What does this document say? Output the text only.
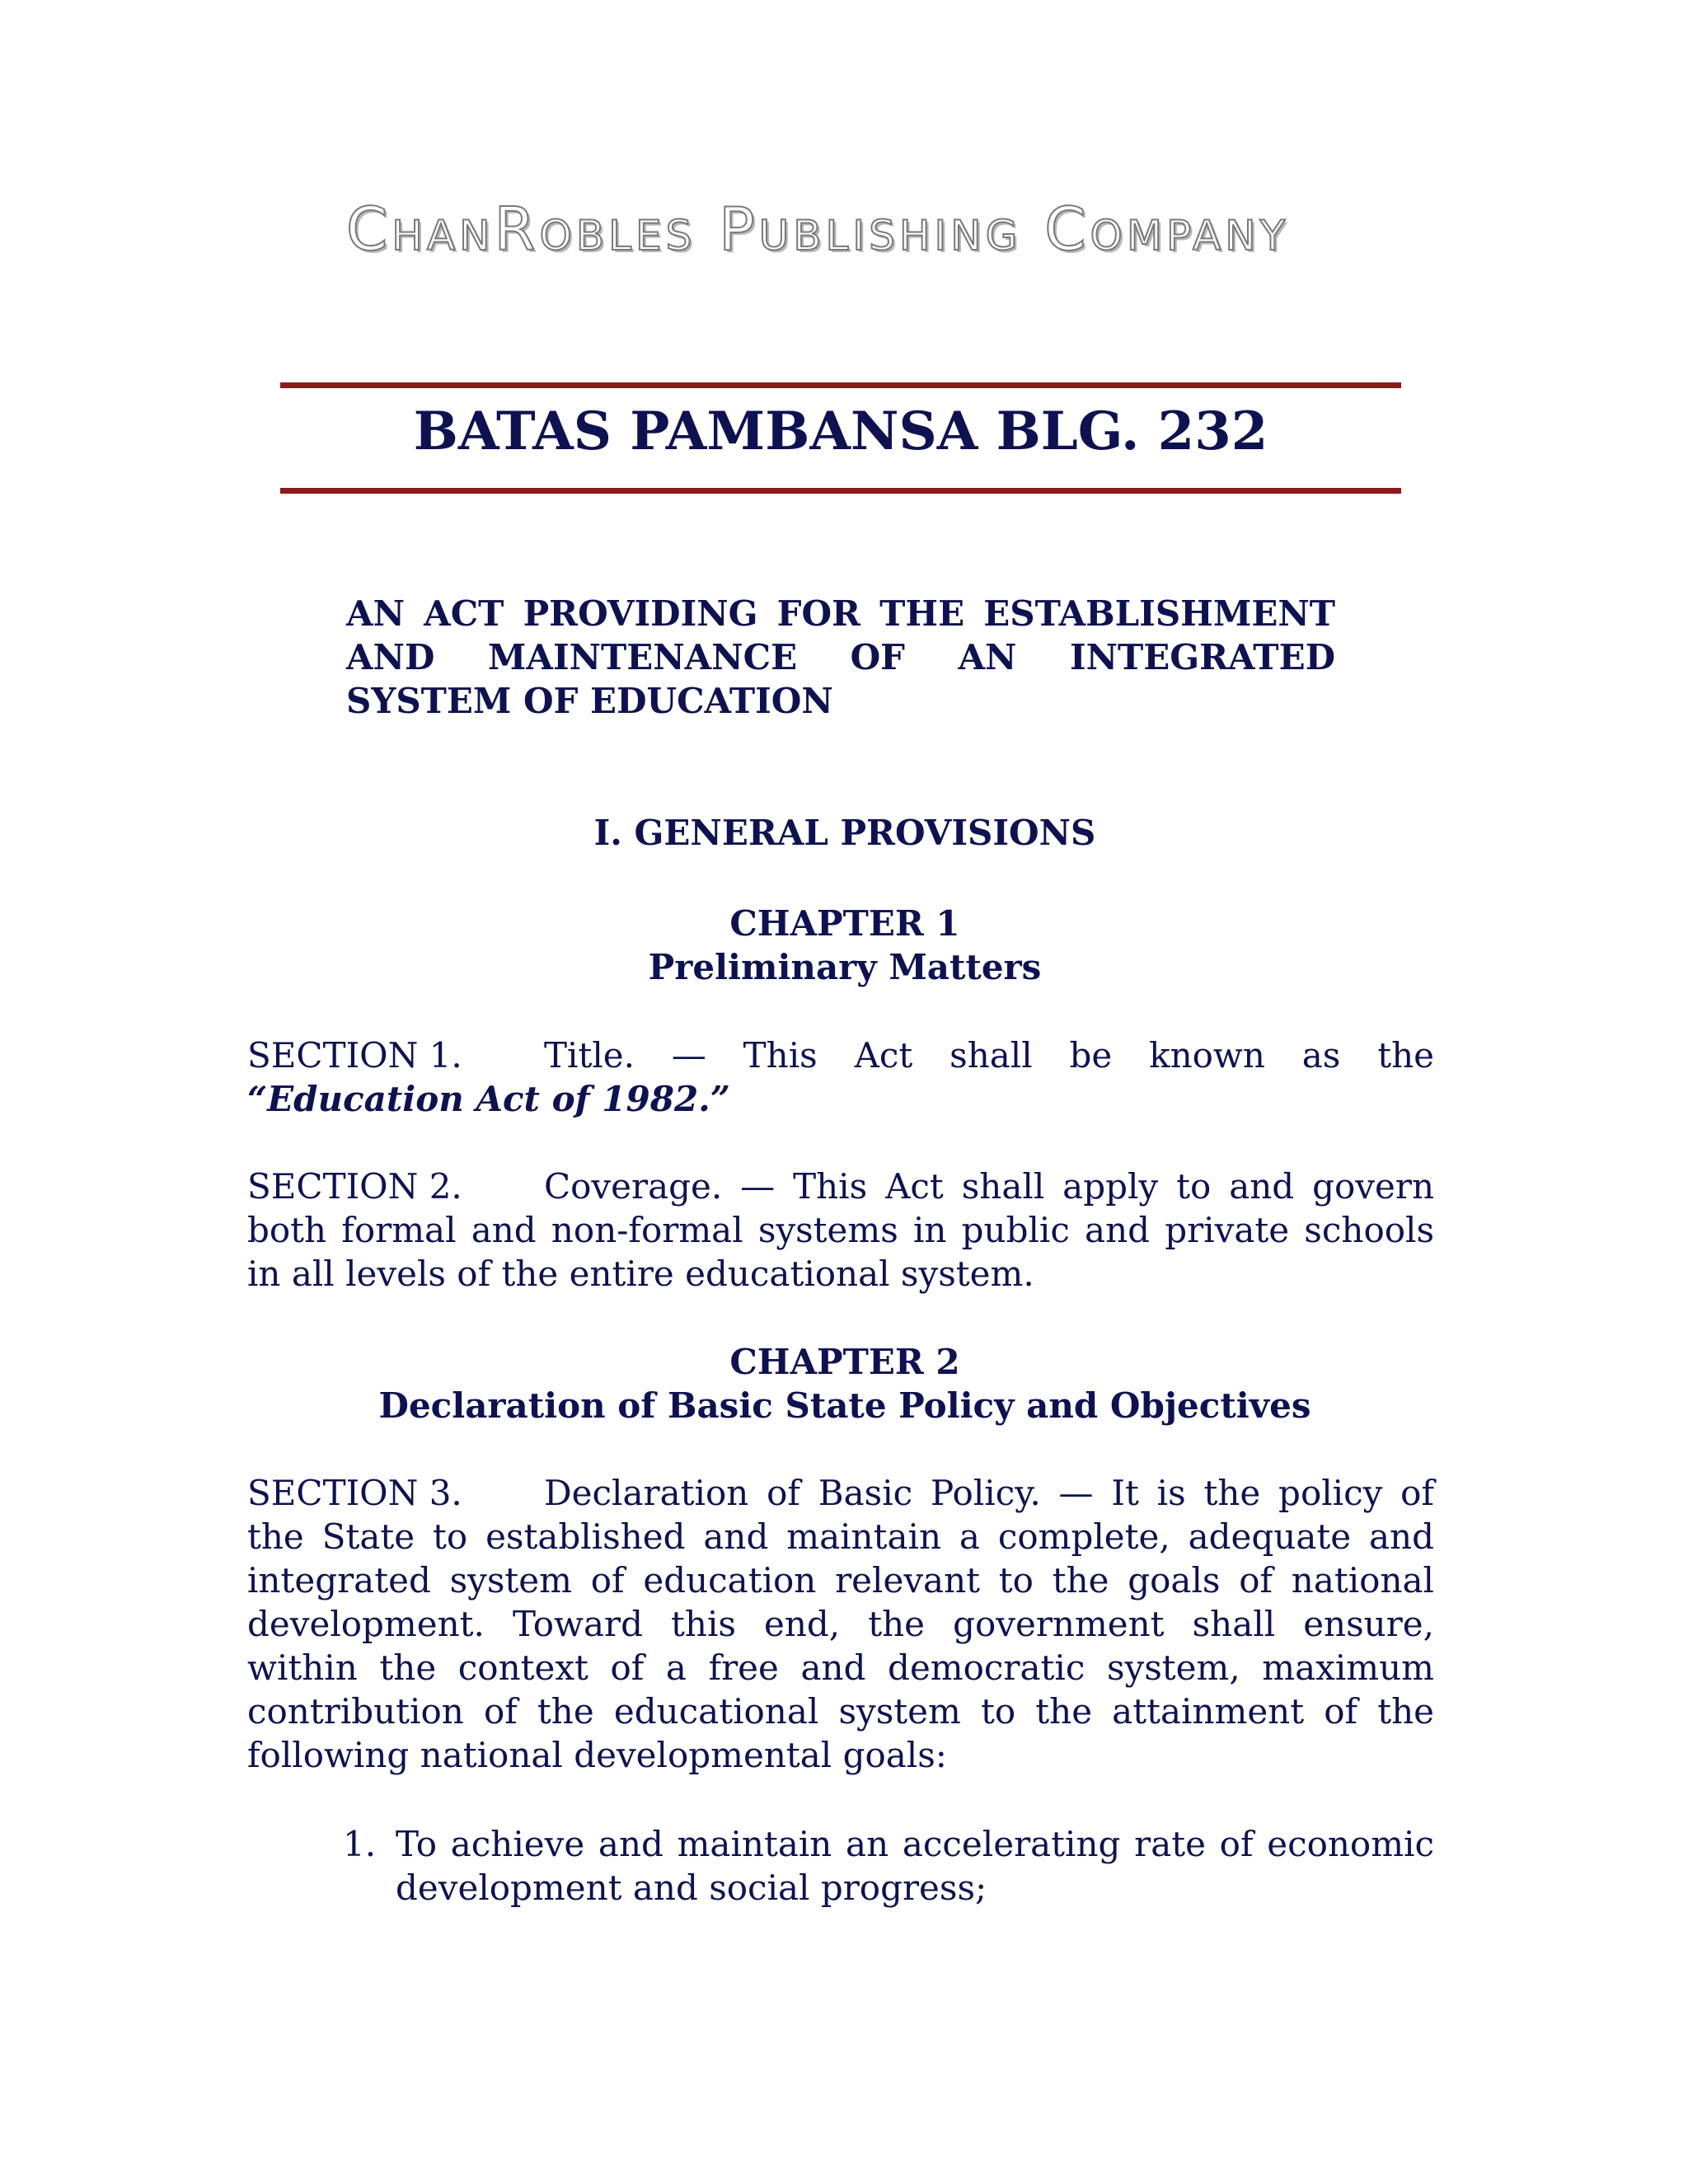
ChanRobles Publishing Company
BATAS PAMBANSA BLG. 232
AN ACT PROVIDING FOR THE ESTABLISHMENT AND MAINTENANCE OF AN INTEGRATED SYSTEM OF EDUCATION
I. GENERAL PROVISIONS
CHAPTER 1
Preliminary Matters
SECTION 1. Title. — This Act shall be known as the “Education Act of 1982.”
SECTION 2. Coverage. — This Act shall apply to and govern both formal and non-formal systems in public and private schools in all levels of the entire educational system.
CHAPTER 2
Declaration of Basic State Policy and Objectives
SECTION 3. Declaration of Basic Policy. — It is the policy of the State to established and maintain a complete, adequate and integrated system of education relevant to the goals of national development. Toward this end, the government shall ensure, within the context of a free and democratic system, maximum contribution of the educational system to the attainment of the following national developmental goals:
1. To achieve and maintain an accelerating rate of economic development and social progress;
